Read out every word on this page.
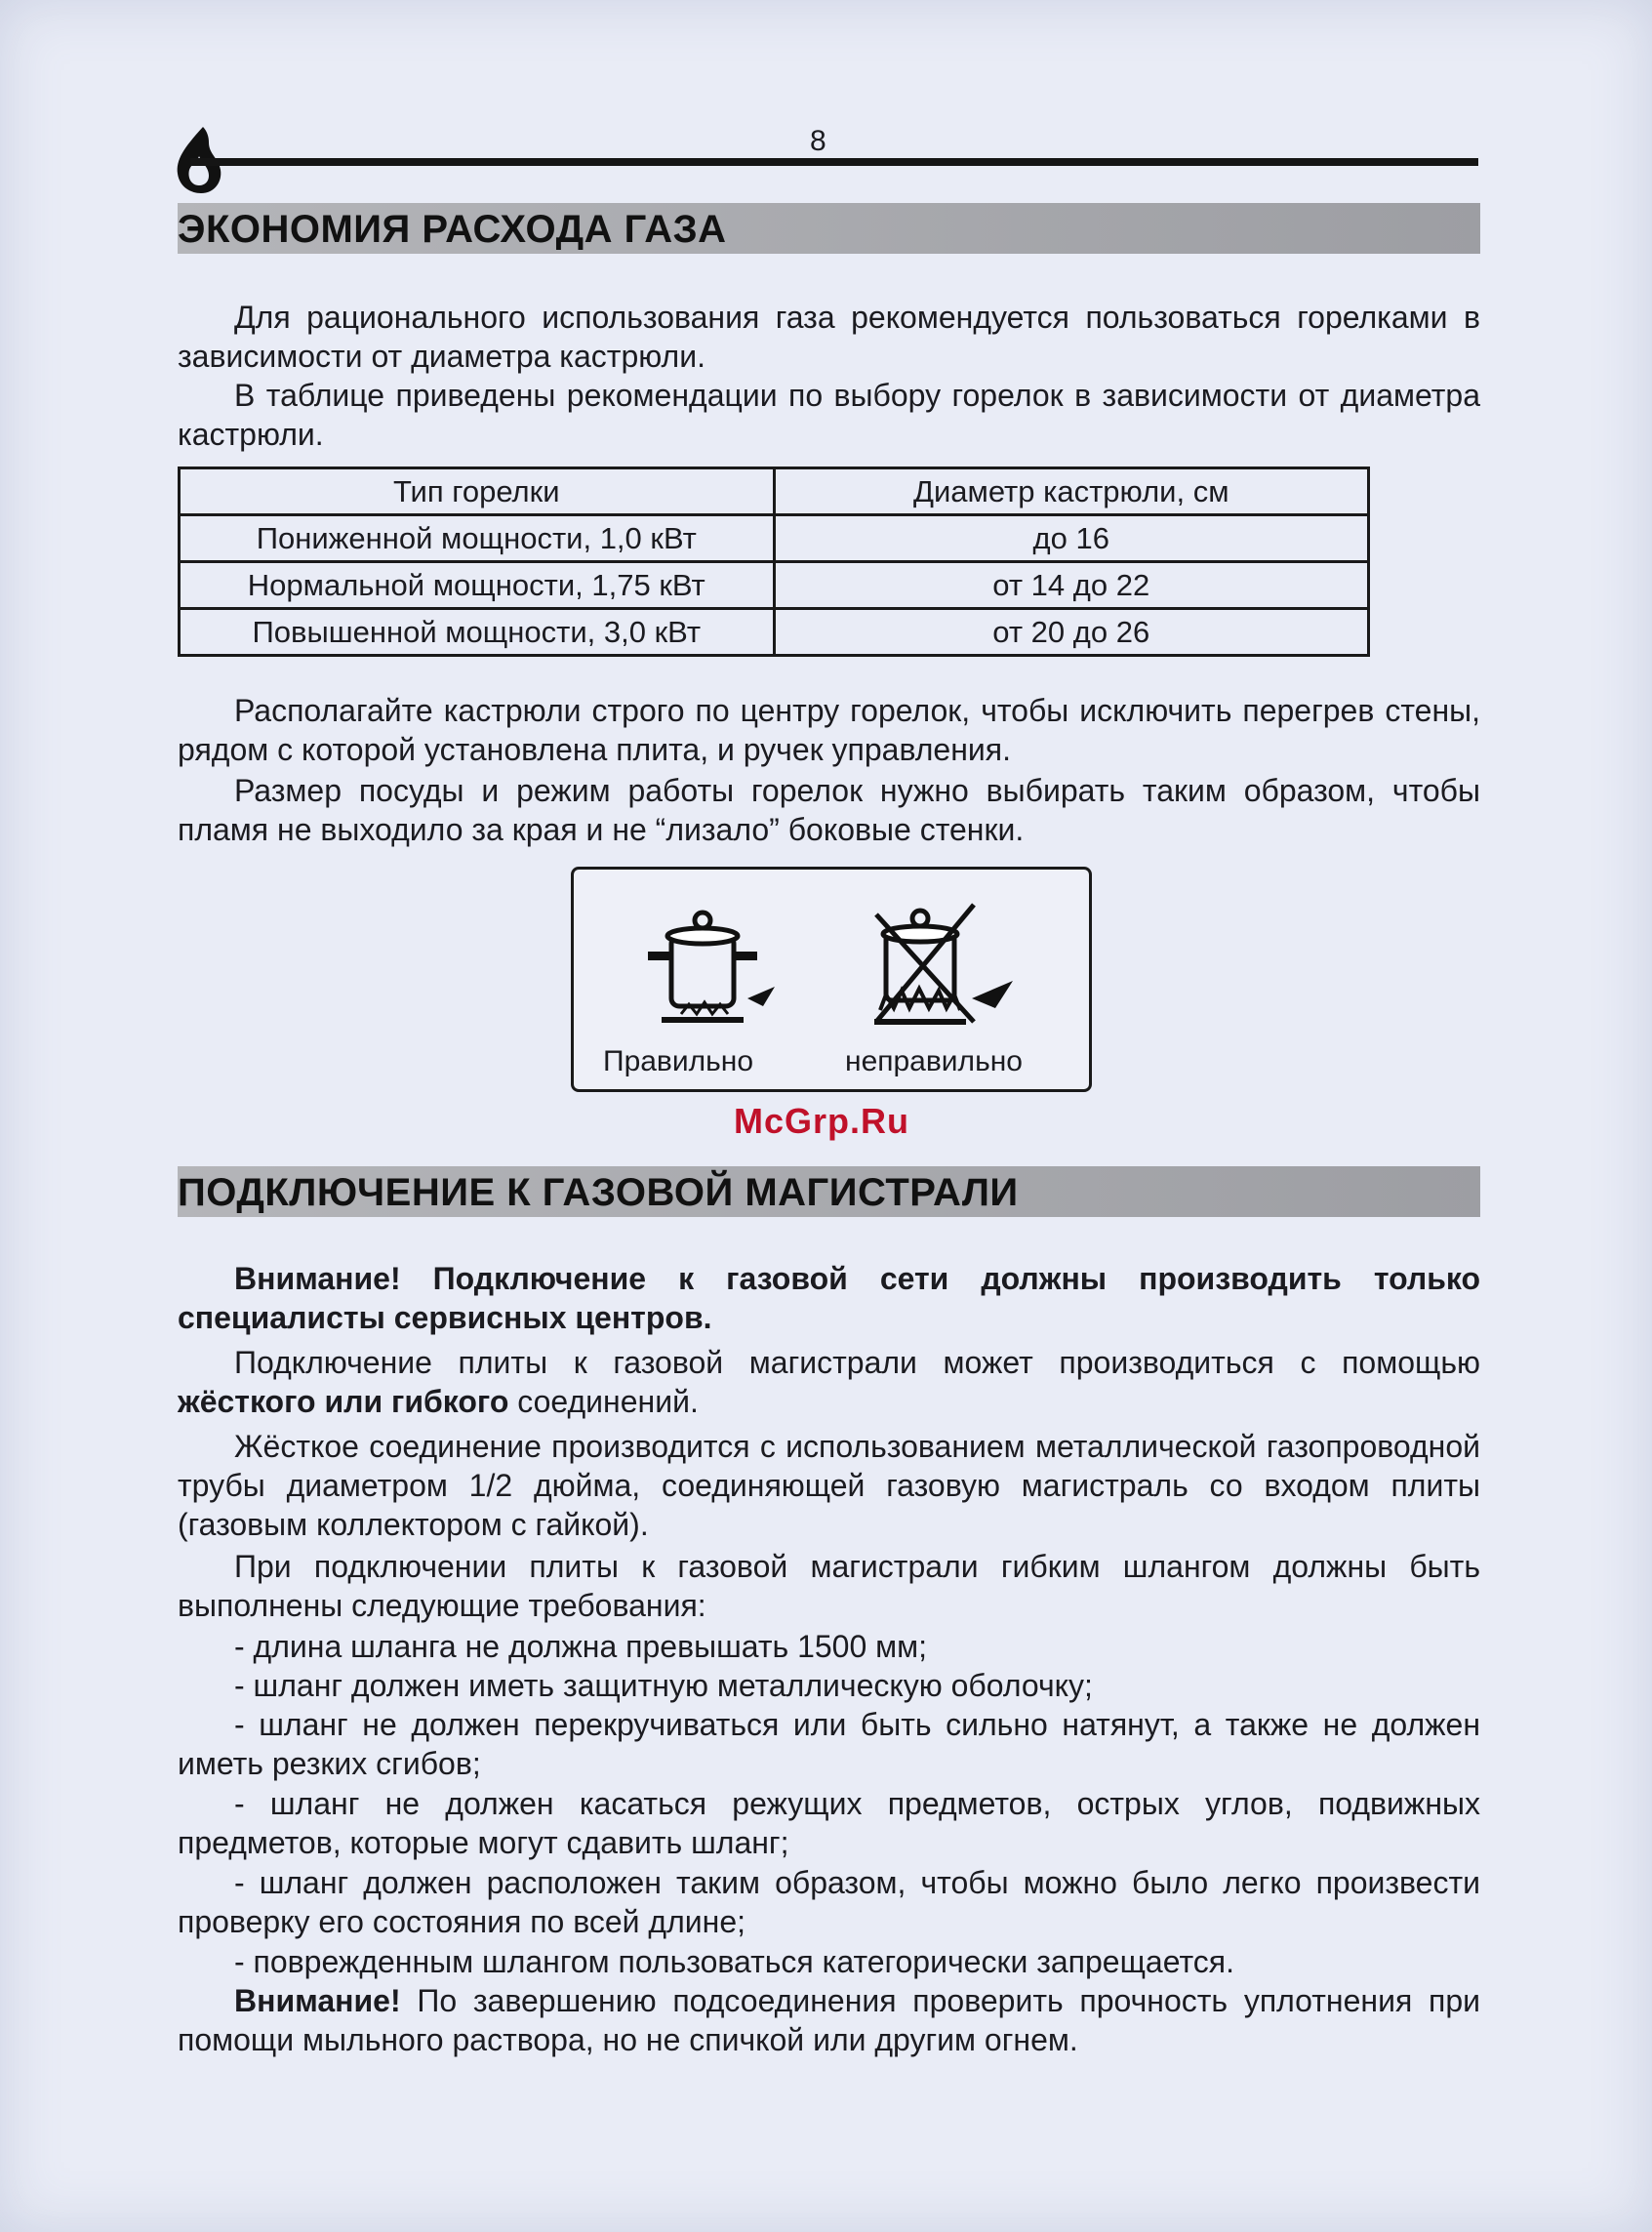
8
ЭКОНОМИЯ РАСХОДА ГАЗА

Для рационального использования газа рекомендуется пользоваться горелками в зависимости от диаметра кастрюли.

В таблице приведены рекомендации по выбору горелок в зависимости от диаметра кастрюли.

Тип горелки	Диаметр кастрюли, см
Пониженной мощности, 1,0 кВт	до 16
Нормальной мощности, 1,75 кВт	от 14 до 22
Повышенной мощности, 3,0 кВт	от 20 до 26

Располагайте кастрюли строго по центру горелок, чтобы исключить перегрев стены, рядом с которой установлена плита, и ручек управления.

Размер посуды и режим работы горелок нужно выбирать таким образом, чтобы пламя не выходило за края и не “лизало” боковые стенки.

Правильно	неправильно
McGrp.Ru
ПОДКЛЮЧЕНИЕ К ГАЗОВОЙ МАГИСТРАЛИ

Внимание! Подключение к газовой сети должны производить только специалисты сервисных центров.

Подключение плиты к газовой магистрали может производиться с помощью жёсткого или гибкого соединений.

Жёсткое соединение производится с использованием металлической газопроводной трубы диаметром 1/2 дюйма, соединяющей газовую магистраль со входом плиты (газовым коллектором с гайкой).

При подключении плиты к газовой магистрали гибким шлангом должны быть выполнены следующие требования:

- длина шланга не должна превышать 1500 мм;

- шланг должен иметь защитную металлическую оболочку;

- шланг не должен перекручиваться или быть сильно натянут, а также не должен иметь резких сгибов;

- шланг не должен касаться режущих предметов, острых углов, подвижных предметов, которые могут сдавить шланг;

- шланг должен расположен таким образом, чтобы можно было легко произвести проверку его состояния по всей длине;

- поврежденным шлангом пользоваться категорически запрещается.

Внимание! По завершению подсоединения проверить прочность уплотнения при помощи мыльного раствора, но не спичкой или другим огнем.
